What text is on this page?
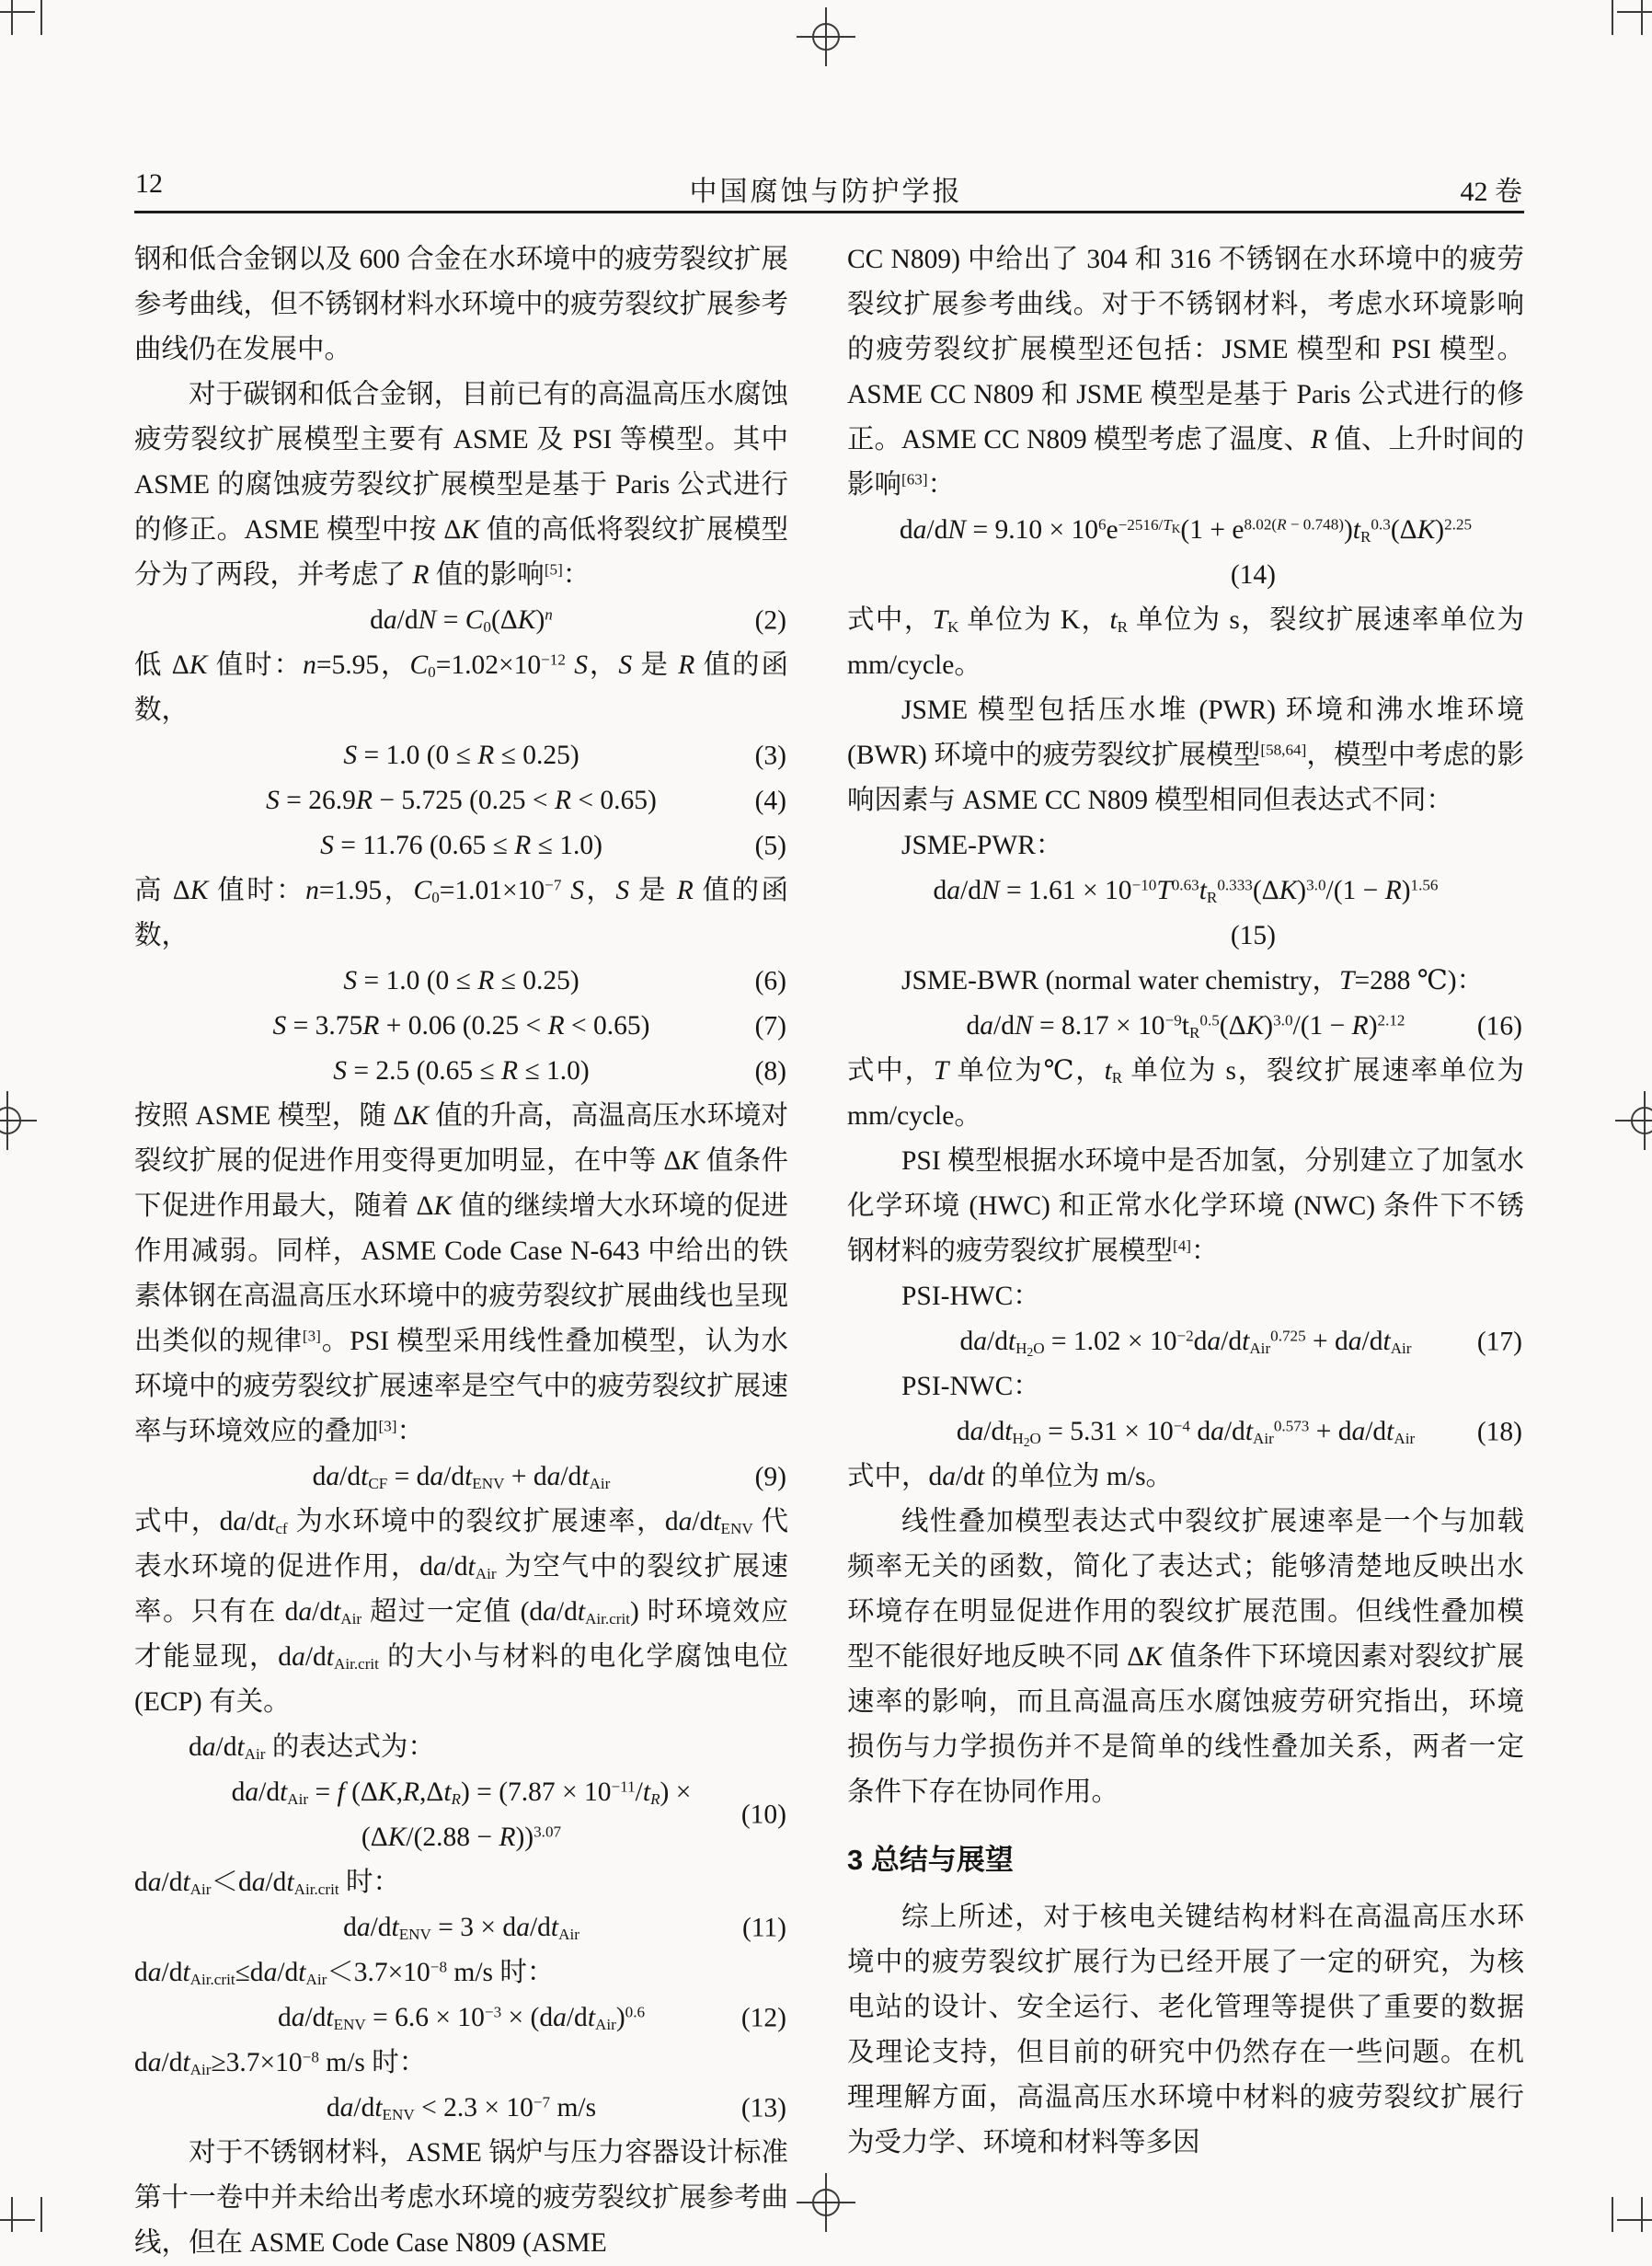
12	中国腐蚀与防护学报	42 卷
钢和低合金钢以及 600 合金在水环境中的疲劳裂纹扩展参考曲线，但不锈钢材料水环境中的疲劳裂纹扩展参考曲线仍在发展中。
对于碳钢和低合金钢，目前已有的高温高压水腐蚀疲劳裂纹扩展模型主要有 ASME 及 PSI 等模型。其中 ASME 的腐蚀疲劳裂纹扩展模型是基于 Paris 公式进行的修正。ASME 模型中按 ΔK 值的高低将裂纹扩展模型分为了两段，并考虑了 R 值的影响[5]：
$da/dN = C_0(\Delta K)^n$	(2)
低 ΔK 值时：n=5.95，$C_0=1.02\times 10^{-12}$ S，S 是 R 值的函数，
S = 1.0 (0 ≤ R ≤ 0.25)	(3)
S = 26.9R − 5.725 (0.25 < R < 0.65)	(4)
S = 11.76 (0.65 ≤ R ≤ 1.0)	(5)
高 ΔK 值时：n=1.95，$C_0=1.01\times 10^{-7}$ S，S 是 R 值的函数，
S = 1.0 (0 ≤ R ≤ 0.25)	(6)
S = 3.75R + 0.06 (0.25 < R < 0.65)	(7)
S = 2.5 (0.65 ≤ R ≤ 1.0)	(8)
按照 ASME 模型，随 ΔK 值的升高，高温高压水环境对裂纹扩展的促进作用变得更加明显，在中等 ΔK 值条件下促进作用最大，随着 ΔK 值的继续增大水环境的促进作用减弱。同样，ASME Code Case N-643 中给出的铁素体钢在高温高压水环境中的疲劳裂纹扩展曲线也呈现出类似的规律[3]。PSI 模型采用线性叠加模型，认为水环境中的疲劳裂纹扩展速率是空气中的疲劳裂纹扩展速率与环境效应的叠加[3]：
$da/dt_{CF} = da/dt_{ENV} + da/dt_{Air}$	(9)
式中，$da/dt_{cf}$ 为水环境中的裂纹扩展速率，$da/dt_{ENV}$ 代表水环境的促进作用，$da/dt_{Air}$ 为空气中的裂纹扩展速率。只有在 $da/dt_{Air}$ 超过一定值 $(da/dt_{Air.crit})$ 时环境效应才能显现，$da/dt_{Air.crit}$ 的大小与材料的电化学腐蚀电位 (ECP) 有关。
$da/dt_{Air}$ 的表达式为：
$da/dt_{Air} = f$ $(\Delta K,R,\Delta t_R) = (7.87 \times 10^{-11}/t_R)$ ×
$(\Delta K/(2.88 - R))^{3.07}$
(10)
$da/dt_{Air}<da/dt_{Air.crit}$ 时：
$da/dt_{ENV} = 3 \times da/dt_{Air}$	(11)
$da/dt_{Air.crit}\le da/dt_{Air}<3.7\times 10^{-8}$ m/s 时：
$da/dt_{ENV} = 6.6 \times 10^{-3} \times (da/dt_{Air})^{0.6}$	(12)
$da/dt_{Air}\ge 3.7\times 10^{-8}$ m/s 时：
$da/dt_{ENV} < 2.3 \times 10^{-7}$ m/s	(13)
对于不锈钢材料，ASME 锅炉与压力容器设计标准第十一卷中并未给出考虑水环境的疲劳裂纹扩展参考曲线，但在 ASME Code Case N809 (ASME
CC N809) 中给出了 304 和 316 不锈钢在水环境中的疲劳裂纹扩展参考曲线。对于不锈钢材料，考虑水环境影响的疲劳裂纹扩展模型还包括：JSME 模型和 PSI 模型。ASME CC N809 和 JSME 模型是基于 Paris 公式进行的修正。ASME CC N809 模型考虑了温度、R 值、上升时间的影响[63]：
$da/dN = 9.10 \times 10^6e^{-2516/T_K}(1 + e^{8.02(R - 0.748)})t_R^{0.3}(\Delta K)^{2.25}$
(14)
式中，$T_K$ 单位为 K，$t_R$ 单位为 s，裂纹扩展速率单位为 mm/cycle。
JSME 模型包括压水堆 (PWR) 环境和沸水堆环境 (BWR) 环境中的疲劳裂纹扩展模型[58,64]，模型中考虑的影响因素与 ASME CC N809 模型相同但表达式不同：
JSME-PWR：
$da/dN = 1.61 \times 10^{-10}T^{0.63}t_R^{0.333}(\Delta K)^{3.0}/(1 - R)^{1.56}$
(15)
JSME-BWR (normal water chemistry，T=288 ℃)：
$da/dN = 8.17 \times 10^{-9}t_R^{0.5}(\Delta K)^{3.0}/(1 - R)^{2.12}$	(16)
式中，T 单位为℃，$t_R$ 单位为 s，裂纹扩展速率单位为 mm/cycle。
PSI 模型根据水环境中是否加氢，分别建立了加氢水化学环境 (HWC) 和正常水化学环境 (NWC) 条件下不锈钢材料的疲劳裂纹扩展模型[4]：
PSI-HWC：
$da/dt_{H_2O} = 1.02 \times 10^{-2}da/dt_{Air}^{0.725} + da/dt_{Air}$	(17)
PSI-NWC：
$da/dt_{H_2O} = 5.31 \times 10^{-4}$ $da/dt_{Air}^{0.573} + da/dt_{Air}$	(18)
式中，da/dt 的单位为 m/s。
线性叠加模型表达式中裂纹扩展速率是一个与加载频率无关的函数，简化了表达式；能够清楚地反映出水环境存在明显促进作用的裂纹扩展范围。但线性叠加模型不能很好地反映不同 ΔK 值条件下环境因素对裂纹扩展速率的影响，而且高温高压水腐蚀疲劳研究指出，环境损伤与力学损伤并不是简单的线性叠加关系，两者一定条件下存在协同作用。
3 总结与展望
综上所述，对于核电关键结构材料在高温高压水环境中的疲劳裂纹扩展行为已经开展了一定的研究，为核电站的设计、安全运行、老化管理等提供了重要的数据及理论支持，但目前的研究中仍然存在一些问题。在机理理解方面，高温高压水环境中材料的疲劳裂纹扩展行为受力学、环境和材料等多因
